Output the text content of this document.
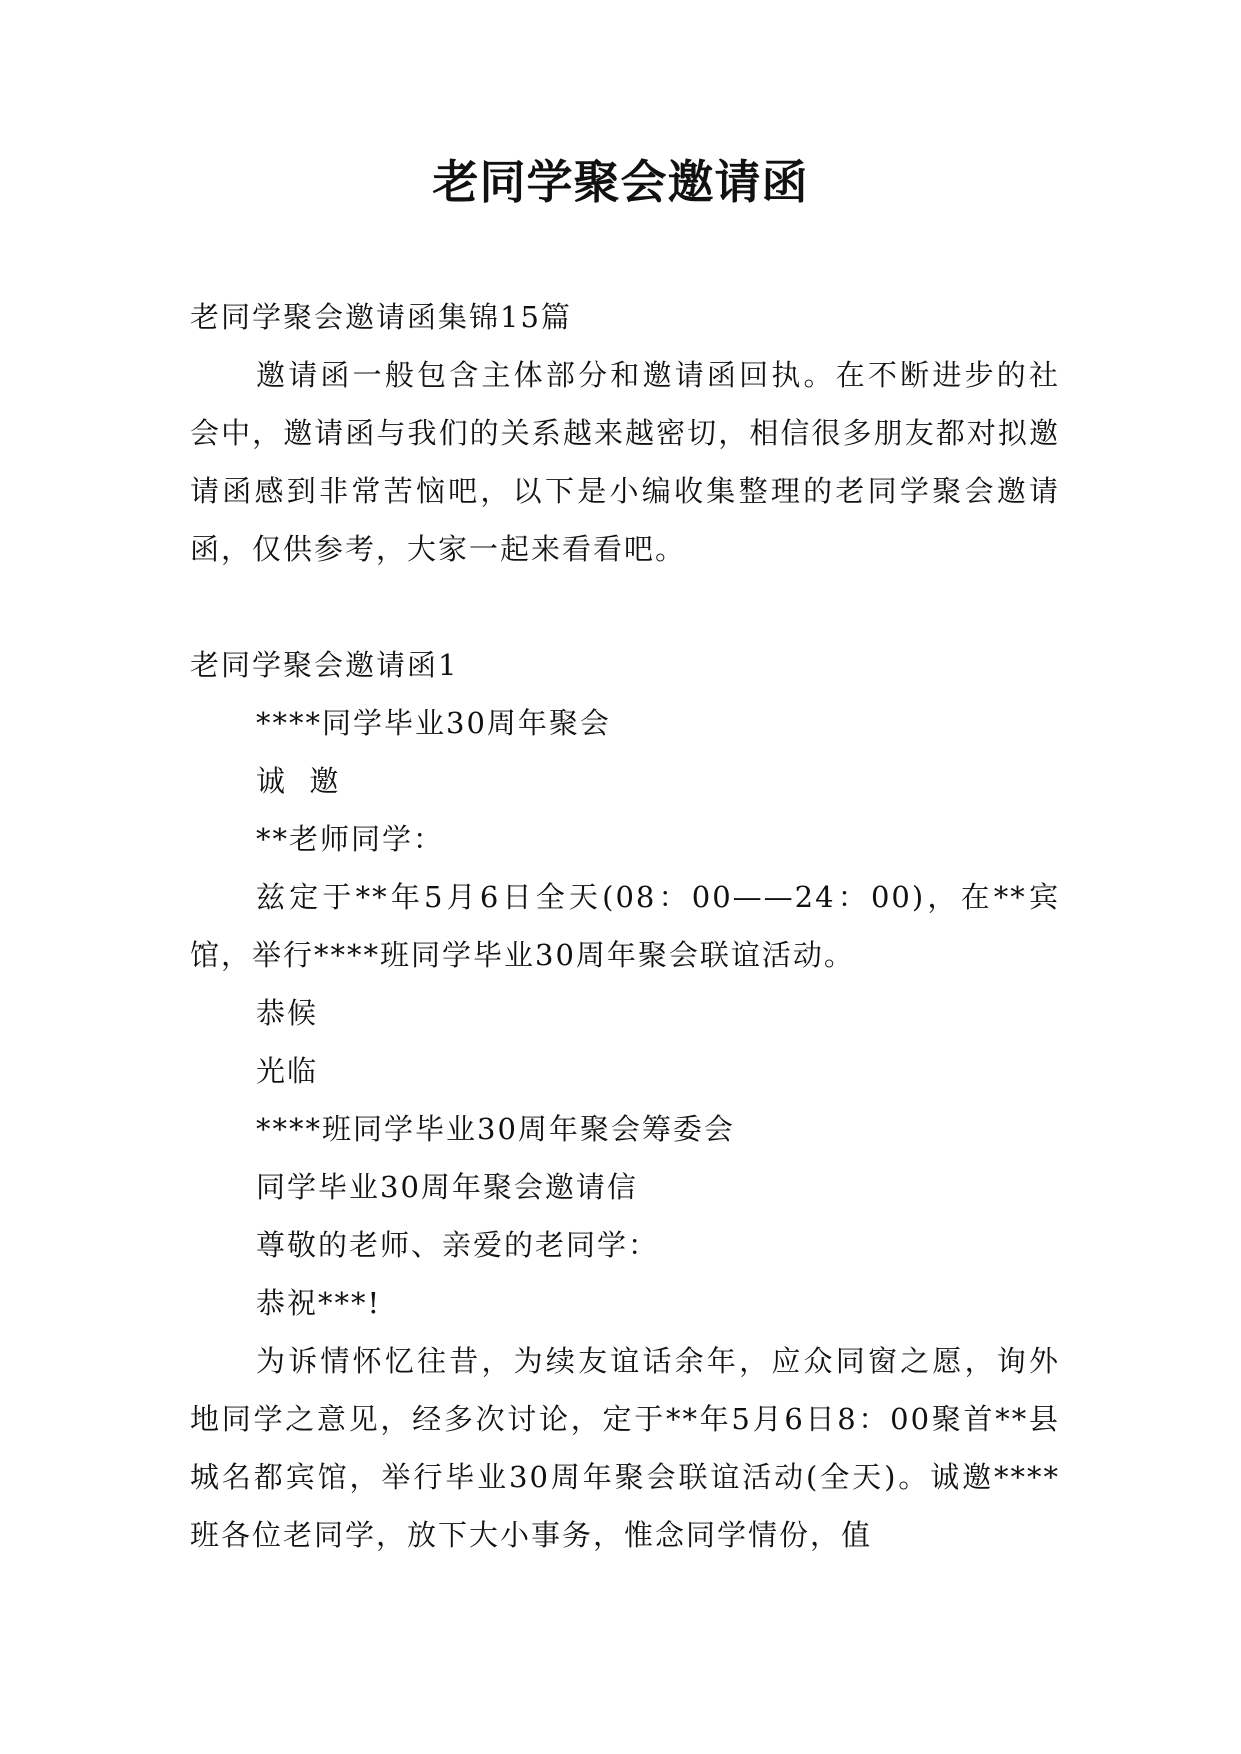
老同学聚会邀请函

老同学聚会邀请函集锦15篇

邀请函一般包含主体部分和邀请函回执。在不断进步的社会中，邀请函与我们的关系越来越密切，相信很多朋友都对拟邀请函感到非常苦恼吧，以下是小编收集整理的老同学聚会邀请函，仅供参考，大家一起来看看吧。

老同学聚会邀请函1

****同学毕业30周年聚会

诚  邀

**老师同学：

兹定于**年5月6日全天(08：00——24：00)，在**宾馆，举行****班同学毕业30周年聚会联谊活动。

恭候

光临

****班同学毕业30周年聚会筹委会

同学毕业30周年聚会邀请信

尊敬的老师、亲爱的老同学：

恭祝***!

为诉情怀忆往昔，为续友谊话余年，应众同窗之愿，询外地同学之意见，经多次讨论，定于**年5月6日8：00聚首**县城名都宾馆，举行毕业30周年聚会联谊活动(全天)。诚邀****班各位老同学，放下大小事务，惟念同学情份，值
